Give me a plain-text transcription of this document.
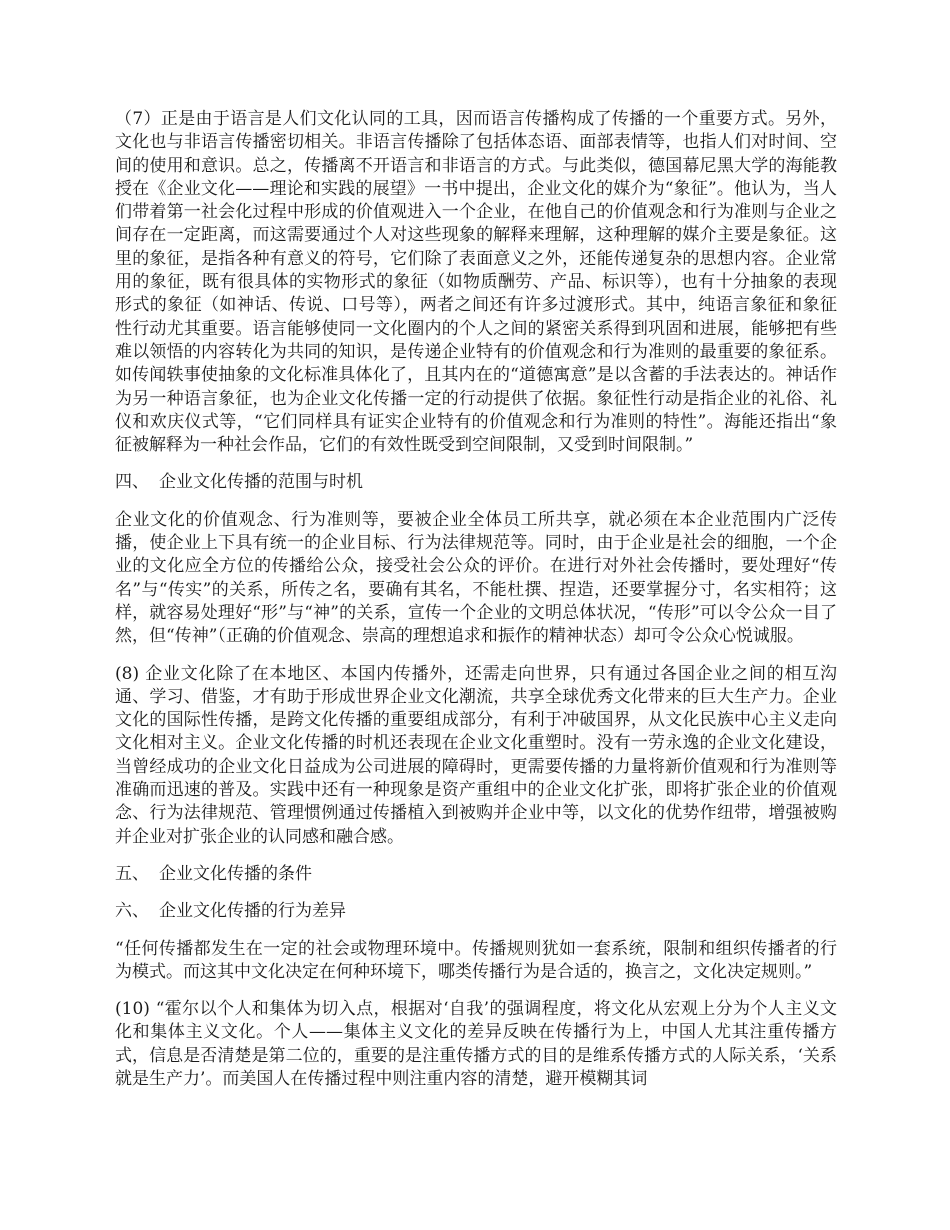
（7）正是由于语言是人们文化认同的工具，因而语言传播构成了传播的一个重要方式。另外，文化也与非语言传播密切相关。非语言传播除了包括体态语、面部表情等，也指人们对时间、空间的使用和意识。总之，传播离不开语言和非语言的方式。与此类似，德国幕尼黑大学的海能教授在《企业文化——理论和实践的展望》一书中提出，企业文化的媒介为“象征”。他认为，当人们带着第一社会化过程中形成的价值观进入一个企业，在他自己的价值观念和行为准则与企业之间存在一定距离，而这需要通过个人对这些现象的解释来理解，这种理解的媒介主要是象征。这里的象征，是指各种有意义的符号，它们除了表面意义之外，还能传递复杂的思想内容。企业常用的象征，既有很具体的实物形式的象征（如物质酬劳、产品、标识等），也有十分抽象的表现形式的象征（如神话、传说、口号等），两者之间还有许多过渡形式。其中，纯语言象征和象征性行动尤其重要。语言能够使同一文化圈内的个人之间的紧密关系得到巩固和进展，能够把有些难以领悟的内容转化为共同的知识，是传递企业特有的价值观念和行为准则的最重要的象征系。如传闻轶事使抽象的文化标准具体化了，且其内在的“道德寓意”是以含蓄的手法表达的。神话作为另一种语言象征，也为企业文化传播一定的行动提供了依据。象征性行动是指企业的礼俗、礼仪和欢庆仪式等，“它们同样具有证实企业特有的价值观念和行为准则的特性”。海能还指出“象征被解释为一种社会作品，它们的有效性既受到空间限制，又受到时间限制。”

四、 企业文化传播的范围与时机

企业文化的价值观念、行为准则等，要被企业全体员工所共享，就必须在本企业范围内广泛传播，使企业上下具有统一的企业目标、行为法律规范等。同时，由于企业是社会的细胞，一个企业的文化应全方位的传播给公众，接受社会公众的评价。在进行对外社会传播时，要处理好“传名”与“传实”的关系，所传之名，要确有其名，不能杜撰、捏造，还要掌握分寸，名实相符；这样，就容易处理好“形”与“神”的关系，宣传一个企业的文明总体状况，“传形”可以令公众一目了然，但“传神”（正确的价值观念、崇高的理想追求和振作的精神状态）却可令公众心悦诚服。

(8) 企业文化除了在本地区、本国内传播外，还需走向世界，只有通过各国企业之间的相互沟通、学习、借鉴，才有助于形成世界企业文化潮流，共享全球优秀文化带来的巨大生产力。企业文化的国际性传播，是跨文化传播的重要组成部分，有利于冲破国界，从文化民族中心主义走向文化相对主义。企业文化传播的时机还表现在企业文化重塑时。没有一劳永逸的企业文化建设，当曾经成功的企业文化日益成为公司进展的障碍时，更需要传播的力量将新价值观和行为准则等准确而迅速的普及。实践中还有一种现象是资产重组中的企业文化扩张，即将扩张企业的价值观念、行为法律规范、管理惯例通过传播植入到被购并企业中等，以文化的优势作纽带，增强被购并企业对扩张企业的认同感和融合感。

五、 企业文化传播的条件

六、 企业文化传播的行为差异

“任何传播都发生在一定的社会或物理环境中。传播规则犹如一套系统，限制和组织传播者的行为模式。而这其中文化决定在何种环境下，哪类传播行为是合适的，换言之，文化决定规则。”

(10) “霍尔以个人和集体为切入点，根据对‘自我’的强调程度，将文化从宏观上分为个人主义文化和集体主义文化。个人——集体主义文化的差异反映在传播行为上，中国人尤其注重传播方式，信息是否清楚是第二位的，重要的是注重传播方式的目的是维系传播方式的人际关系，‘关系就是生产力’。而美国人在传播过程中则注重内容的清楚，避开模糊其词
